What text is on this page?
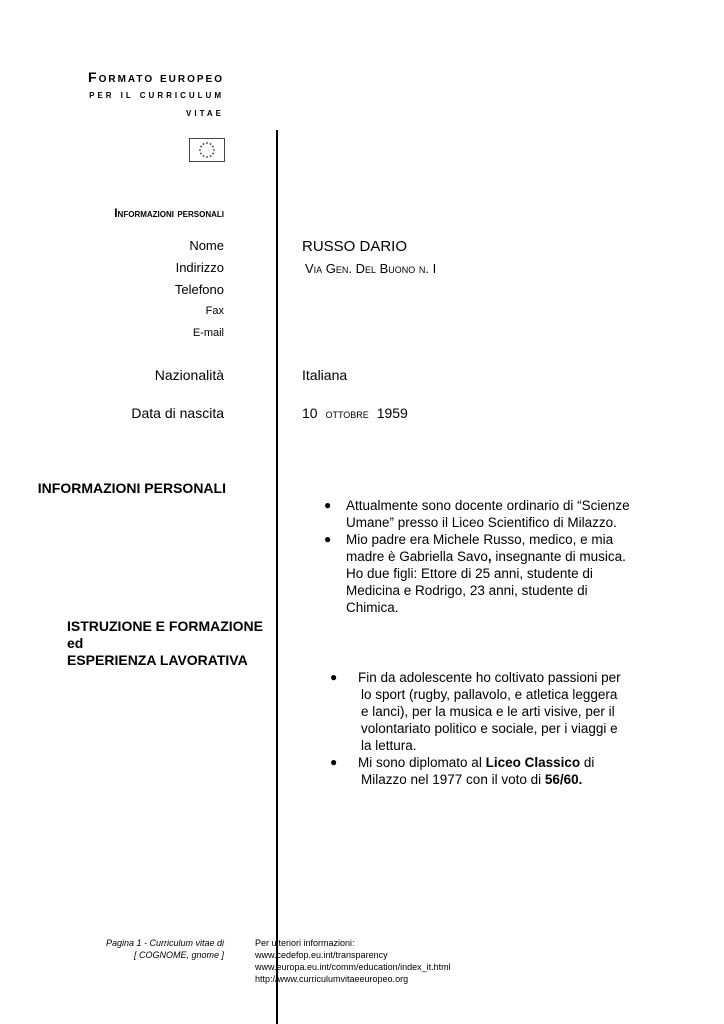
Formato europeo
per il curriculum
vitae
Informazioni personali
Nome	RUSSO DARIO
Indirizzo	Via Gen. Del Buono n. I
Telefono
Fax
E-mail
Nazionalità	Italiana
Data di nascita	10 ottobre 1959
INFORMAZIONI PERSONALI
● Attualmente sono docente ordinario di “Scienze Umane” presso il Liceo Scientifico di Milazzo.
● Mio padre era Michele Russo, medico, e mia madre è Gabriella Savo, insegnante di musica.
Ho due figli: Ettore di 25 anni, studente di Medicina e Rodrigo, 23 anni, studente di Chimica.
ISTRUZIONE E FORMAZIONE
ed
ESPERIENZA LAVORATIVA
● Fin da adolescente ho coltivato passioni per lo sport (rugby, pallavolo, e atletica leggera e lanci), per la musica e le arti visive, per il volontariato politico e sociale, per i viaggi e la lettura.
● Mi sono diplomato al Liceo Classico di Milazzo nel 1977 con il voto di 56/60.
Pagina 1 - Curriculum vitae di
[ COGNOME, gnome ]
Per ulteriori informazioni:
www.cedefop.eu.int/transparency
www.europa.eu.int/comm/education/index_it.html
http://www.curriculumvitaeeuropeo.org
